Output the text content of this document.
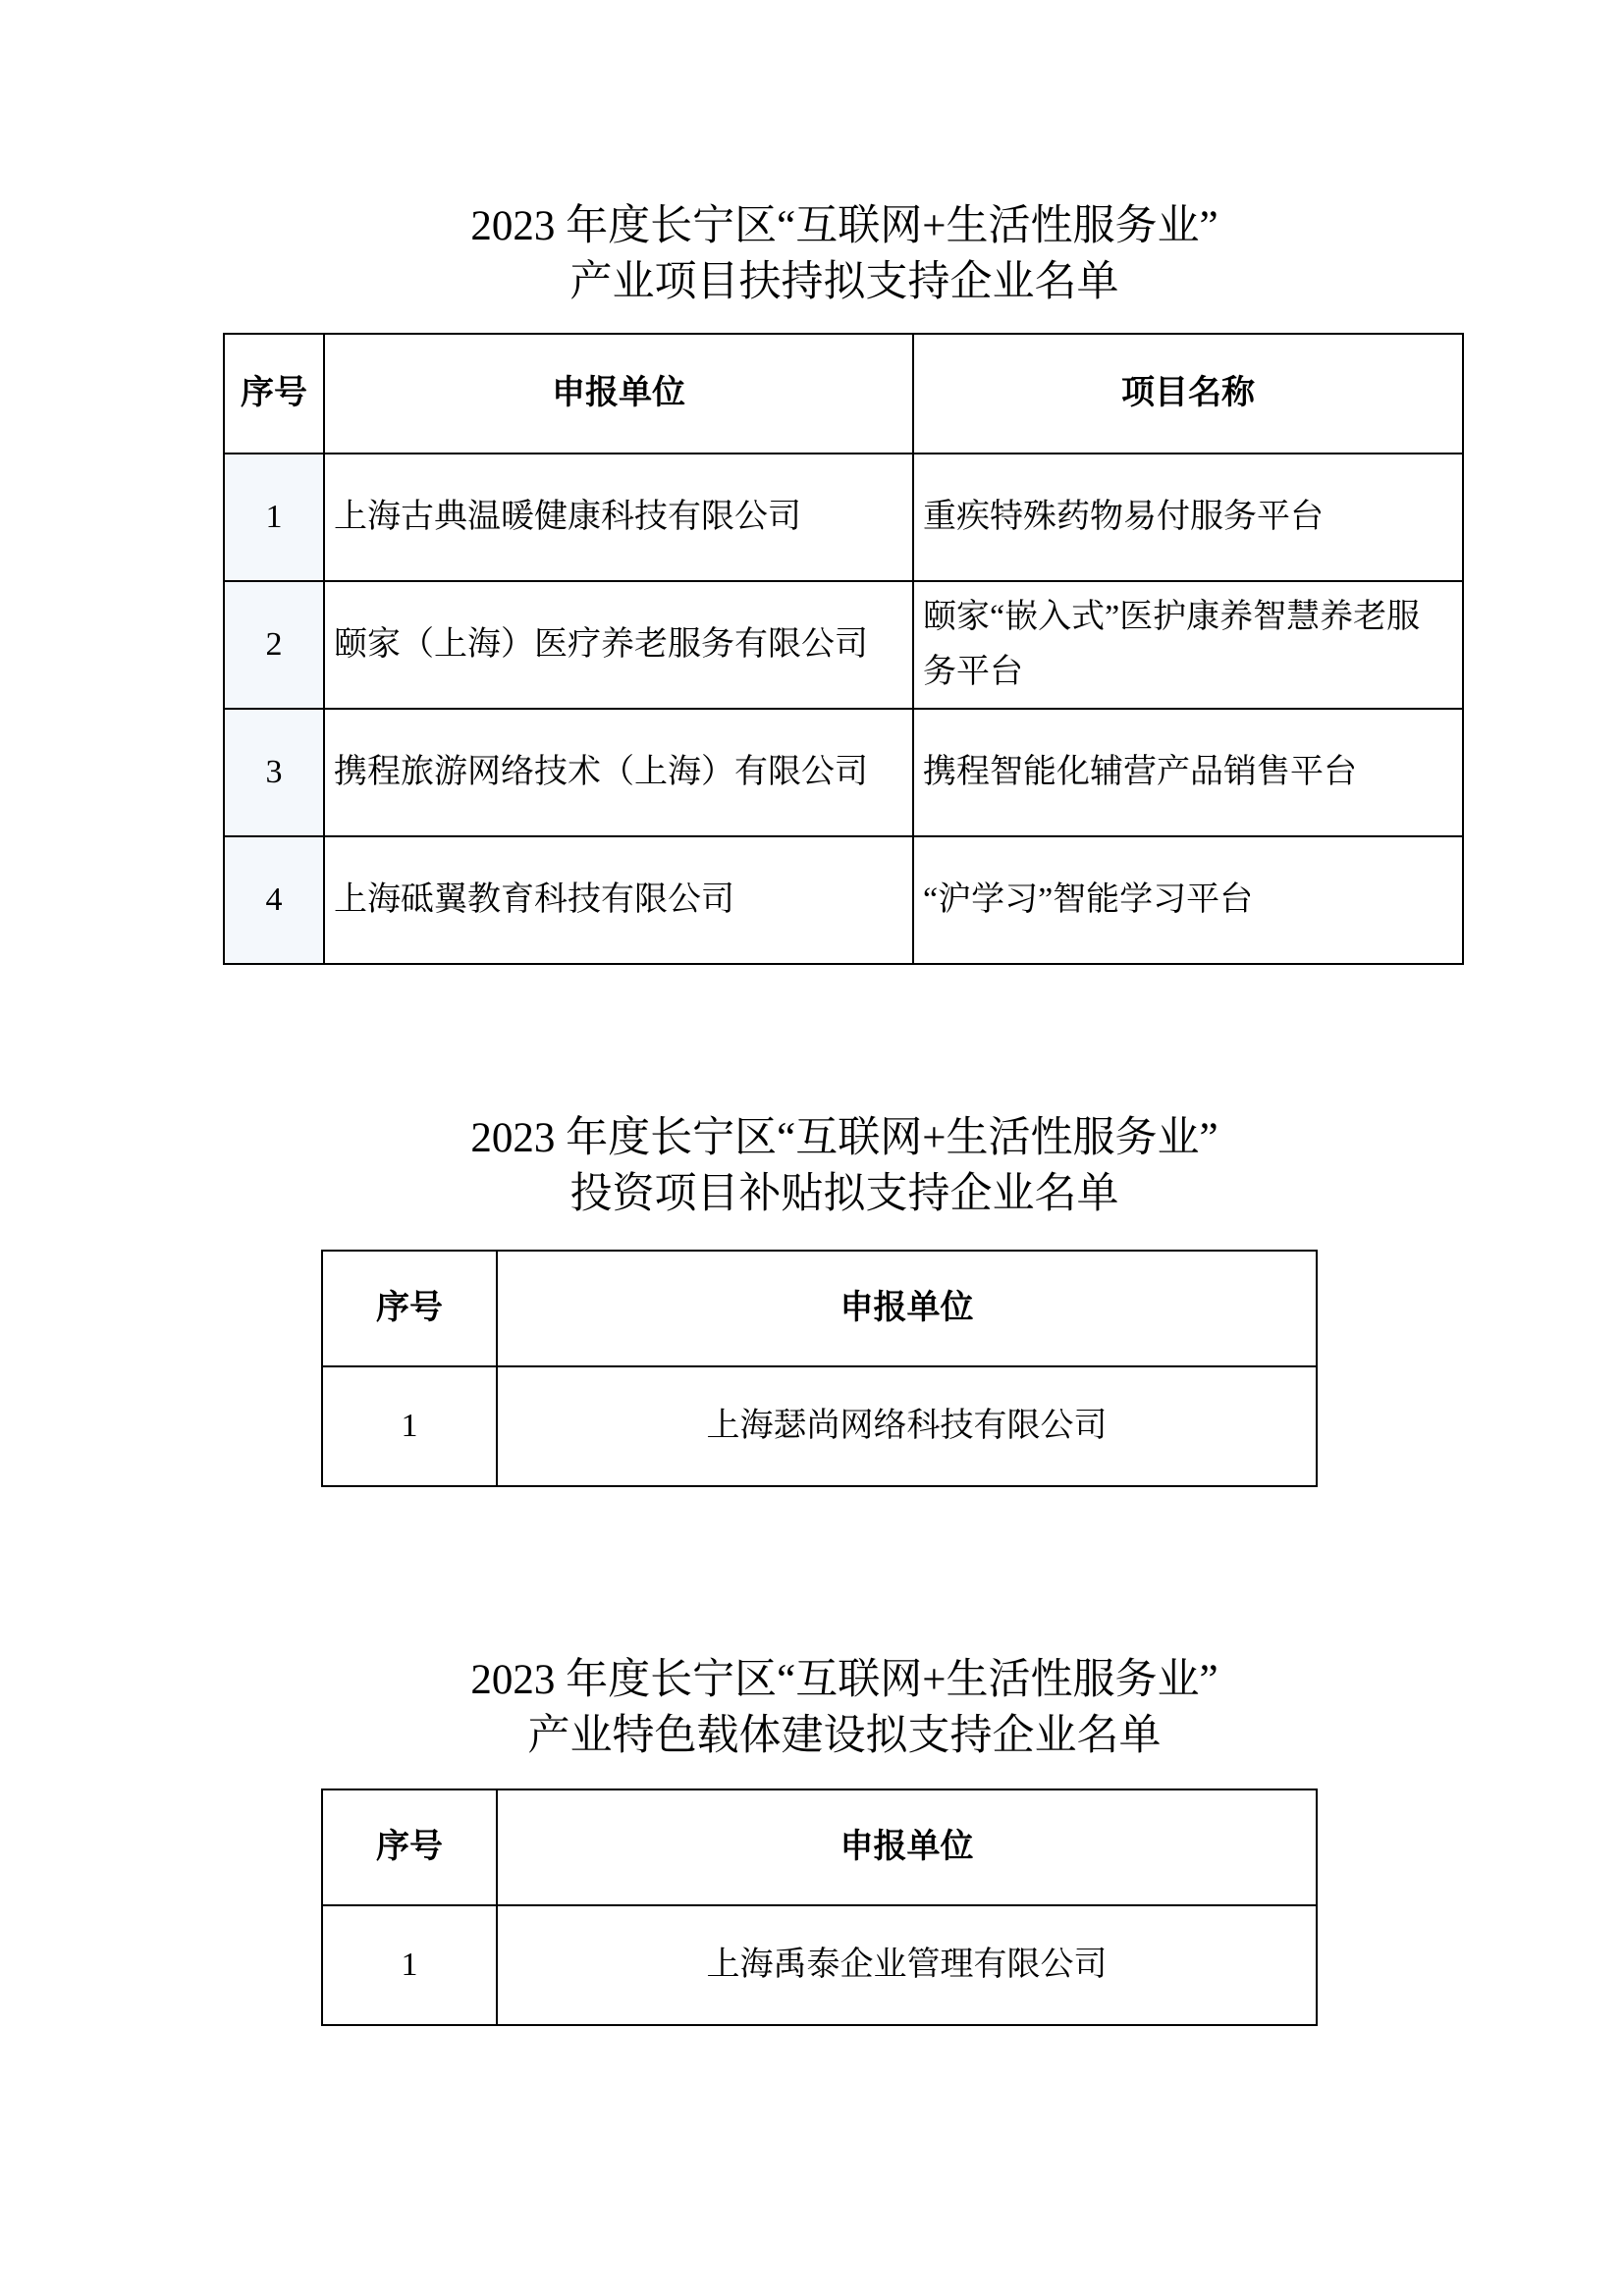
2023 年度长宁区“互联网+生活性服务业”
产业项目扶持拟支持企业名单
序号	申报单位	项目名称
1	上海古典温暖健康科技有限公司	重疾特殊药物易付服务平台
2	颐家（上海）医疗养老服务有限公司	颐家“嵌入式”医护康养智慧养老服务平台
3	携程旅游网络技术（上海）有限公司	携程智能化辅营产品销售平台
4	上海砥翼教育科技有限公司	“沪学习”智能学习平台
2023 年度长宁区“互联网+生活性服务业”
投资项目补贴拟支持企业名单
序号	申报单位
1	上海瑟尚网络科技有限公司
2023 年度长宁区“互联网+生活性服务业”
产业特色载体建设拟支持企业名单
序号	申报单位
1	上海禹泰企业管理有限公司
